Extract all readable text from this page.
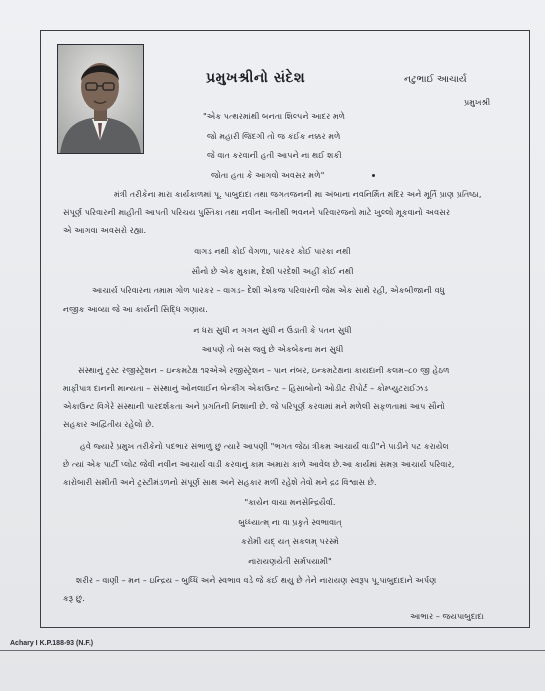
પ્રમુખશ્રીનો સંદેશ	નટુભાઈ આચાર્ય
પ્રમુખશ્રી
"એક પત્થરમાંથી બનતા શિલ્પને આદર મળે
જો મહારી જિંદગી તો જ કંઈક નક્કર મળે
જે વાત કરવાની હતી આપને ના થઈ શકી
જોતા હતા કે આગવો અવસર મળે"
મંત્રી તરીકેના મારા કાર્યકાળમાં પૂ. પાબુદાદા તથા જગતજનની મા અંબાના નવનિર્મિત મંદિર અને મૂર્તિ પ્રાણ પ્રતિષ્ઠા,
સંપૂર્ણ પરિવારની માહીતી આપતી પરિચય પુસ્તિકા તથા નવીન અતીથી ભવનને પરિવારજનો માટે ખુલ્લો મૂકવાનો અવસર
એ આગવા અવસરો રહ્યા.
વાગડ નથી કોઈ વેગળા, પારકર કોઈ પારકા નથી
સૌનો છે એક મુકામ, દેશી પરદેશી અહીં કોઈ નથી
આચાર્ય પરિવારના તમામ ગોળ પારકર – વાગડ– દેશી એકજ પરિવારની જેમ એક સાથે રહી, એકબીજાની વધુ
નજીક આવ્યા જે આ કાર્યની સિદ્ધિ ગણાય.
ન ધરા સુધી ન ગગન સુધી ન ઉંડાતી કે પતન સુધી
આપણે તો બસ જવું છે એકબેકના મન સુધી
સંસ્થાનું ટ્રસ્ટ રજીસ્ટ્રેશન – ઇન્કમટેક્ષ ૧૨એએ રજીસ્ટ્રેશન – પાન નંબર, ઇન્કમટેક્ષના કાયદાની કલમ–૮૦ જી હેઠળ
માફીપાત્ર દાનની માન્યતા – સંસ્થાનું ઓનલાઈન બેન્કીંગ એકાઉન્ટ – હિસાબોનો ઓડીટ રીપોર્ટ – કોમ્પ્યુટરાઈઝડ
એકાઉન્ટ વિગેરે સંસ્થાની પારદર્શકતા અને પ્રગતિની નિશાની છે. જે પરિપૂર્ણ કરવામાં મને મળેલી સફળતામાં આપ સૌનો
સહકાર અદ્વિતીય રહેલો છે.
હવે જ્યારે પ્રમુખ તરીકેનો પદભાર સંભાળું છું ત્યારે આપણી "ભગત જેઠા ત્રીકમ આચાર્ય વાડી"ને પાડીને પટ કરાયેલ
છે ત્યાં એક પાર્ટી પ્લોટ જેવી નવીન આચાર્ય વાડી કરવાનું કામ અમારા કાળે આવેલ છે.આ કાર્યમાં સમગ્ર આચાર્ય પરિવાર,
કારોબારી સમીતી અને ટ્રસ્ટીમંડળનો સંપૂર્ણ સાથ અને સહકાર મળી રહેશે તેવો મને દ્રઢ વિશ્વાસ છે.
"કાયેન વાચા મનસેન્દ્રિયૈર્વા.
બુધ્ધ્યાત્મ્ ના વા પ્રકૃતે સ્વભાવાત્
કરોમી યદ્ યત્ સકલમ્ પરસ્મે
નારાયણયેતી સર્મપયામી"
શરીર – વાણી – મન – ઇન્દ્રિય – બુધ્ધિ અને સ્વભાવ વડે જે કંઈ થયુ છે તેને નારાયણ સ્વરૂપ પૂ.પાબુદાદાને અર્પણ
કરૂ છું.
આભાર – જયપાબુદાદા
Achary I K.P.188-93 (N.F.)
